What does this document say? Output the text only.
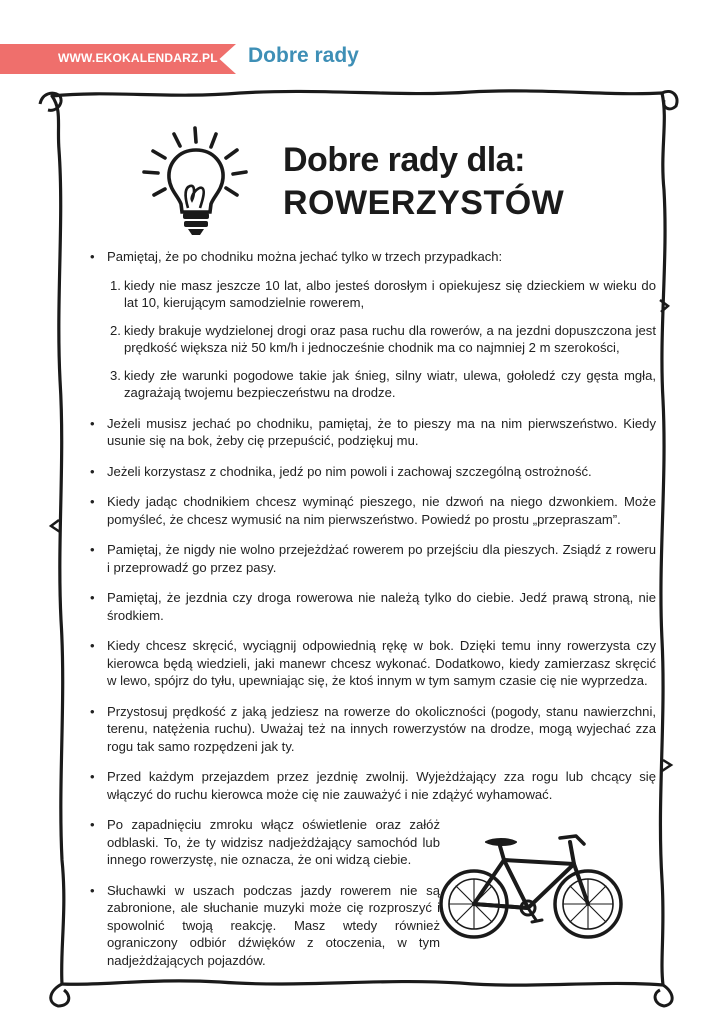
WWW.EKOKALENDARZ.PL Dobre rady
Dobre rady dla:
ROWERZYSTÓW
• Pamiętaj, że po chodniku można jechać tylko w trzech przypadkach:
1. kiedy nie masz jeszcze 10 lat, albo jesteś dorosłym i opiekujesz się dzieckiem w wieku do lat 10, kierującym samodzielnie rowerem,
2. kiedy brakuje wydzielonej drogi oraz pasa ruchu dla rowerów, a na jezdni dopuszczona jest prędkość większa niż 50 km/h i jednocześnie chodnik ma co najmniej 2 m szerokości,
3. kiedy złe warunki pogodowe takie jak śnieg, silny wiatr, ulewa, gołoledź czy gęsta mgła, zagrażają twojemu bezpieczeństwu na drodze.
• Jeżeli musisz jechać po chodniku, pamiętaj, że to pieszy ma na nim pierwszeństwo. Kiedy usunie się na bok, żeby cię przepuścić, podziękuj mu.
• Jeżeli korzystasz z chodnika, jedź po nim powoli i zachowaj szczególną ostrożność.
• Kiedy jadąc chodnikiem chcesz wyminąć pieszego, nie dzwoń na niego dzwonkiem. Może pomyśleć, że chcesz wymusić na nim pierwszeństwo. Powiedź po prostu „przepraszam”.
• Pamiętaj, że nigdy nie wolno przejeżdżać rowerem po przejściu dla pieszych. Zsiądź z roweru i przeprowadź go przez pasy.
• Pamiętaj, że jezdnia czy droga rowerowa nie należą tylko do ciebie. Jedź prawą stroną, nie środkiem.
• Kiedy chcesz skręcić, wyciągnij odpowiednią rękę w bok. Dzięki temu inny rowerzysta czy kierowca będą wiedzieli, jaki manewr chcesz wykonać. Dodatkowo, kiedy zamierzasz skręcić w lewo, spójrz do tyłu, upewniając się, że ktoś innym w tym samym czasie cię nie wyprzedza.
• Przystosuj prędkość z jaką jedziesz na rowerze do okoliczności (pogody, stanu nawierzchni, terenu, natężenia ruchu). Uważaj też na innych rowerzystów na drodze, mogą wyjechać zza rogu tak samo rozpędzeni jak ty.
• Przed każdym przejazdem przez jezdnię zwolnij. Wyjeżdżający zza rogu lub chcący się włączyć do ruchu kierowca może cię nie zauważyć i nie zdążyć wyhamować.
• Po zapadnięciu zmroku włącz oświetlenie oraz załóż odblaski. To, że ty widzisz nadjeżdżający samochód lub innego rowerzystę, nie oznacza, że oni widzą ciebie.
• Słuchawki w uszach podczas jazdy rowerem nie są zabronione, ale słuchanie muzyki może cię rozproszyć i spowolnić twoją reakcję. Masz wtedy również ograniczony odbiór dźwięków z otoczenia, w tym nadjeżdżających pojazdów.
